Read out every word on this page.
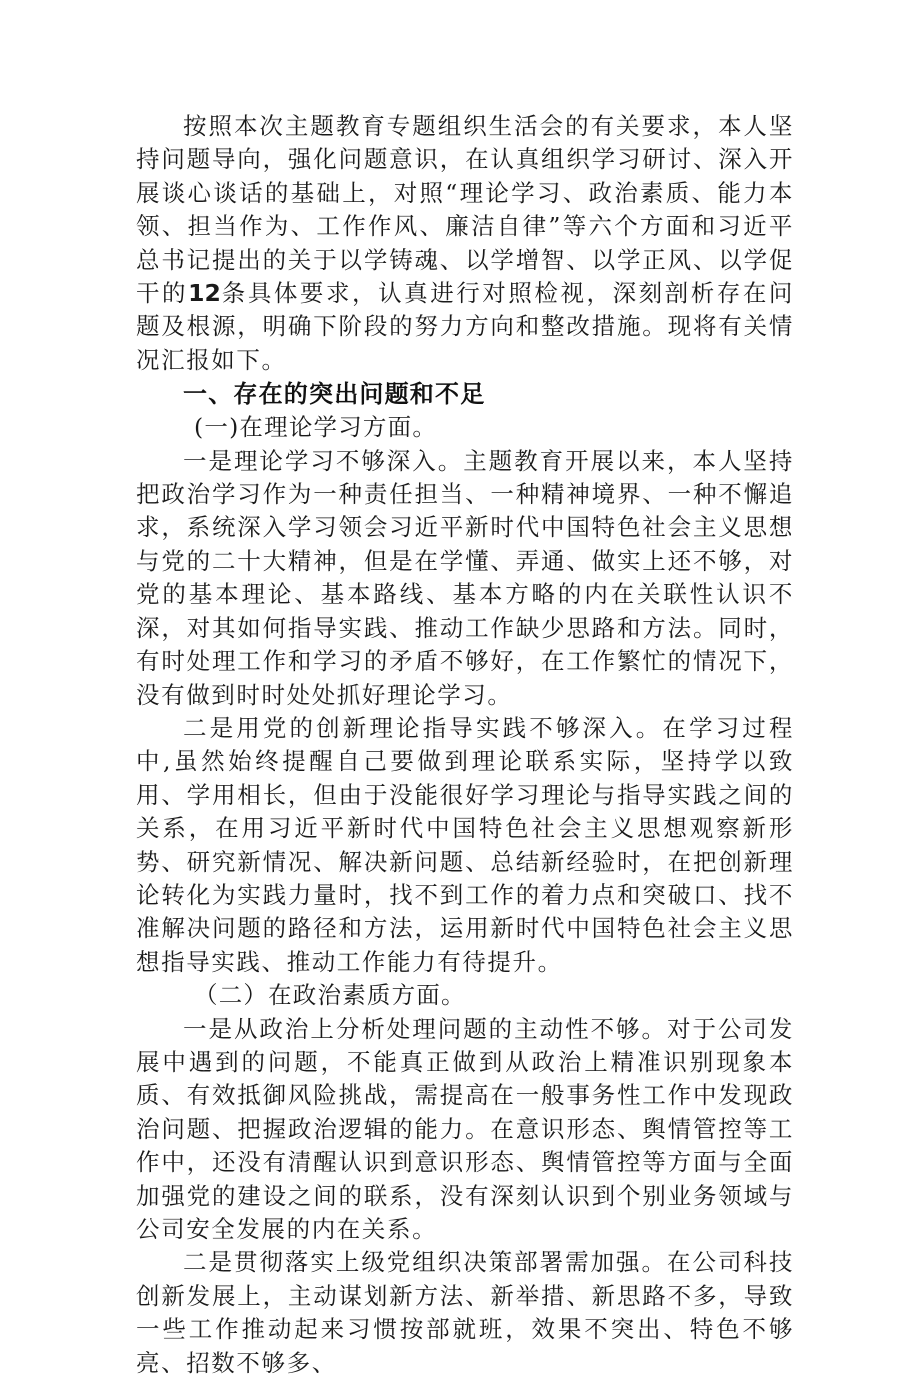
按照本次主题教育专题组织生活会的有关要求，本人坚持问题导向，强化问题意识，在认真组织学习研讨、深入开展谈心谈话的基础上，对照“理论学习、政治素质、能力本领、担当作为、工作作风、廉洁自律”等六个方面和习近平总书记提出的关于以学铸魂、以学增智、以学正风、以学促干的12条具体要求，认真进行对照检视，深刻剖析存在问题及根源，明确下阶段的努力方向和整改措施。现将有关情况汇报如下。

一、存在的突出问题和不足

(一)在理论学习方面。

一是理论学习不够深入。主题教育开展以来，本人坚持把政治学习作为一种责任担当、一种精神境界、一种不懈追求，系统深入学习领会习近平新时代中国特色社会主义思想与党的二十大精神，但是在学懂、弄通、做实上还不够，对党的基本理论、基本路线、基本方略的内在关联性认识不深，对其如何指导实践、推动工作缺少思路和方法。同时，有时处理工作和学习的矛盾不够好，在工作繁忙的情况下，没有做到时时处处抓好理论学习。

二是用党的创新理论指导实践不够深入。在学习过程中,虽然始终提醒自己要做到理论联系实际，坚持学以致用、学用相长，但由于没能很好学习理论与指导实践之间的关系，在用习近平新时代中国特色社会主义思想观察新形势、研究新情况、解决新问题、总结新经验时，在把创新理论转化为实践力量时，找不到工作的着力点和突破口、找不准解决问题的路径和方法，运用新时代中国特色社会主义思想指导实践、推动工作能力有待提升。

（二）在政治素质方面。

一是从政治上分析处理问题的主动性不够。对于公司发展中遇到的问题，不能真正做到从政治上精准识别现象本质、有效抵御风险挑战，需提高在一般事务性工作中发现政治问题、把握政治逻辑的能力。在意识形态、舆情管控等工作中，还没有清醒认识到意识形态、舆情管控等方面与全面加强党的建设之间的联系，没有深刻认识到个别业务领域与公司安全发展的内在关系。

二是贯彻落实上级党组织决策部署需加强。在公司科技创新发展上，主动谋划新方法、新举措、新思路不多，导致一些工作推动起来习惯按部就班，效果不突出、特色不够亮、招数不够多、
